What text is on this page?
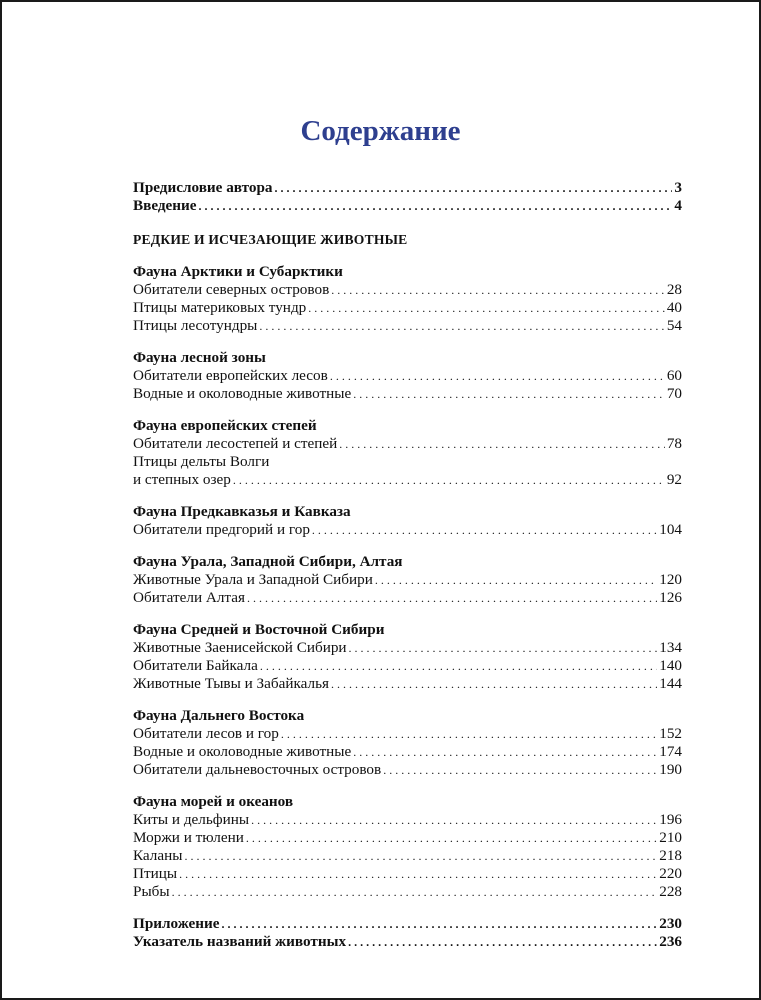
Содержание
Предисловие автора . . .	3
Введение . . .	4
РЕДКИЕ И ИСЧЕЗАЮЩИЕ ЖИВОТНЫЕ
Фауна Арктики и Субарктики
Обитатели северных островов . . .	28
Птицы материковых тундр . . .	40
Птицы лесотундры . . .	54
Фауна лесной зоны
Обитатели европейских лесов . . .	60
Водные и околоводные животные . . .	70
Фауна европейских степей
Обитатели лесостепей и степей . . .	78
Птицы дельты Волги
и степных озер . . .	92
Фауна Предкавказья и Кавказа
Обитатели предгорий и гор . . .	104
Фауна Урала, Западной Сибири, Алтая
Животные Урала и Западной Сибири . . .	120
Обитатели Алтая . . .	126
Фауна Средней и Восточной Сибири
Животные Заенисейской Сибири . . .	134
Обитатели Байкала . . .	140
Животные Тывы и Забайкалья . . .	144
Фауна Дальнего Востока
Обитатели лесов и гор . . .	152
Водные и околоводные животные . . .	174
Обитатели дальневосточных островов . . .	190
Фауна морей и океанов
Киты и дельфины . . .	196
Моржи и тюлени . . .	210
Каланы . . .	218
Птицы . . .	220
Рыбы . . .	228
Приложение . . .	230
Указатель названий животных . . .	236
